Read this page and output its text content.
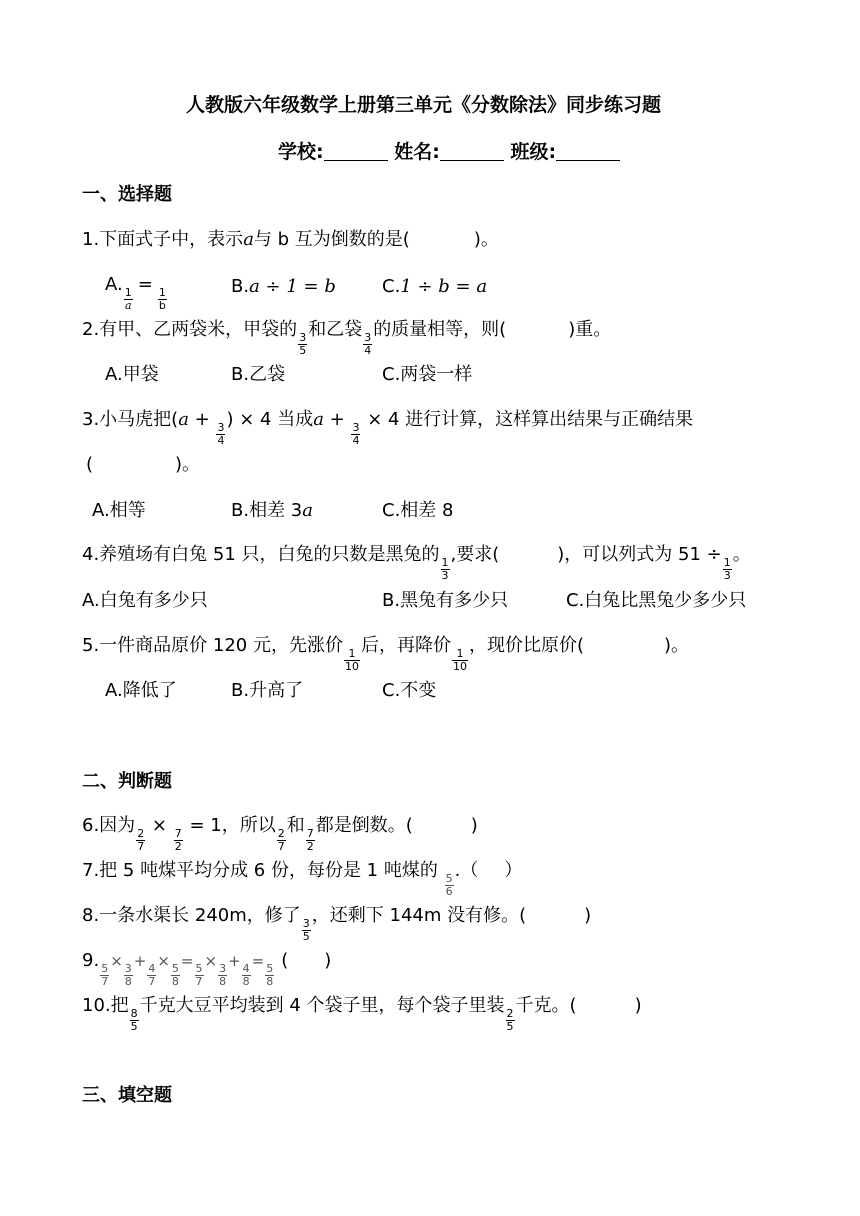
人教版六年级数学上册第三单元《分数除法》同步练习题
学校:	姓名:	班级:
一、选择题
1.下面式子中，表示a与 b 互为倒数的是(	)。
A.
$\frac{1}{a}$
=
$\frac{1}{b}$
B.a ÷ 1 = b	C.1 ÷ b = a
2.有甲、乙两袋米，甲袋的
$\frac{3}{5}$
和乙袋
$\frac{3}{4}$
的质量相等，则(	)重。
A.甲袋	B.乙袋	C.两袋一样
3.小马虎把(a +
$\frac{3}{4}$
) × 4 当成a +
$\frac{3}{4}$
× 4 进行计算，这样算出结果与正确结果
(	)。
A.相等	B.相差 3a	C.相差 8
4.养殖场有白兔 51 只，白兔的只数是黑兔的
$\frac{1}{3}$
,要求(	)，可以列式为 51 ÷
$\frac{1}{3}$
。
A.白兔有多少只	B.黑兔有多少只	C.白兔比黑兔少多少只
5.一件商品原价 120 元，先涨价
$\frac{1}{10}$
后，再降价
$\frac{1}{10}$
，现价比原价(	)。
A.降低了	B.升高了	C.不变
二、判断题
6.因为
$\frac{2}{7}$
×
$\frac{7}{2}$
= 1，所以
$\frac{2}{7}$
和
$\frac{7}{2}$
都是倒数。(	)
7.把 5 吨煤平均分成 6 份，每份是 1 吨煤的
$\frac{5}{6}$
.（ ）
8.一条水渠长 240m，修了
$\frac{3}{5}$
，还剩下 144m 没有修。(	)
9.
$\frac{5}{7}$
×
$\frac{3}{8}$
+
$\frac{4}{7}$
×
$\frac{5}{8}$
=
$\frac{5}{7}$
×
$\frac{3}{8}$
+
$\frac{4}{8}$
=
$\frac{5}{8}$
( )
10.把
$\frac{8}{5}$
千克大豆平均装到 4 个袋子里，每个袋子里装
$\frac{2}{5}$
千克。(	)
三、填空题
